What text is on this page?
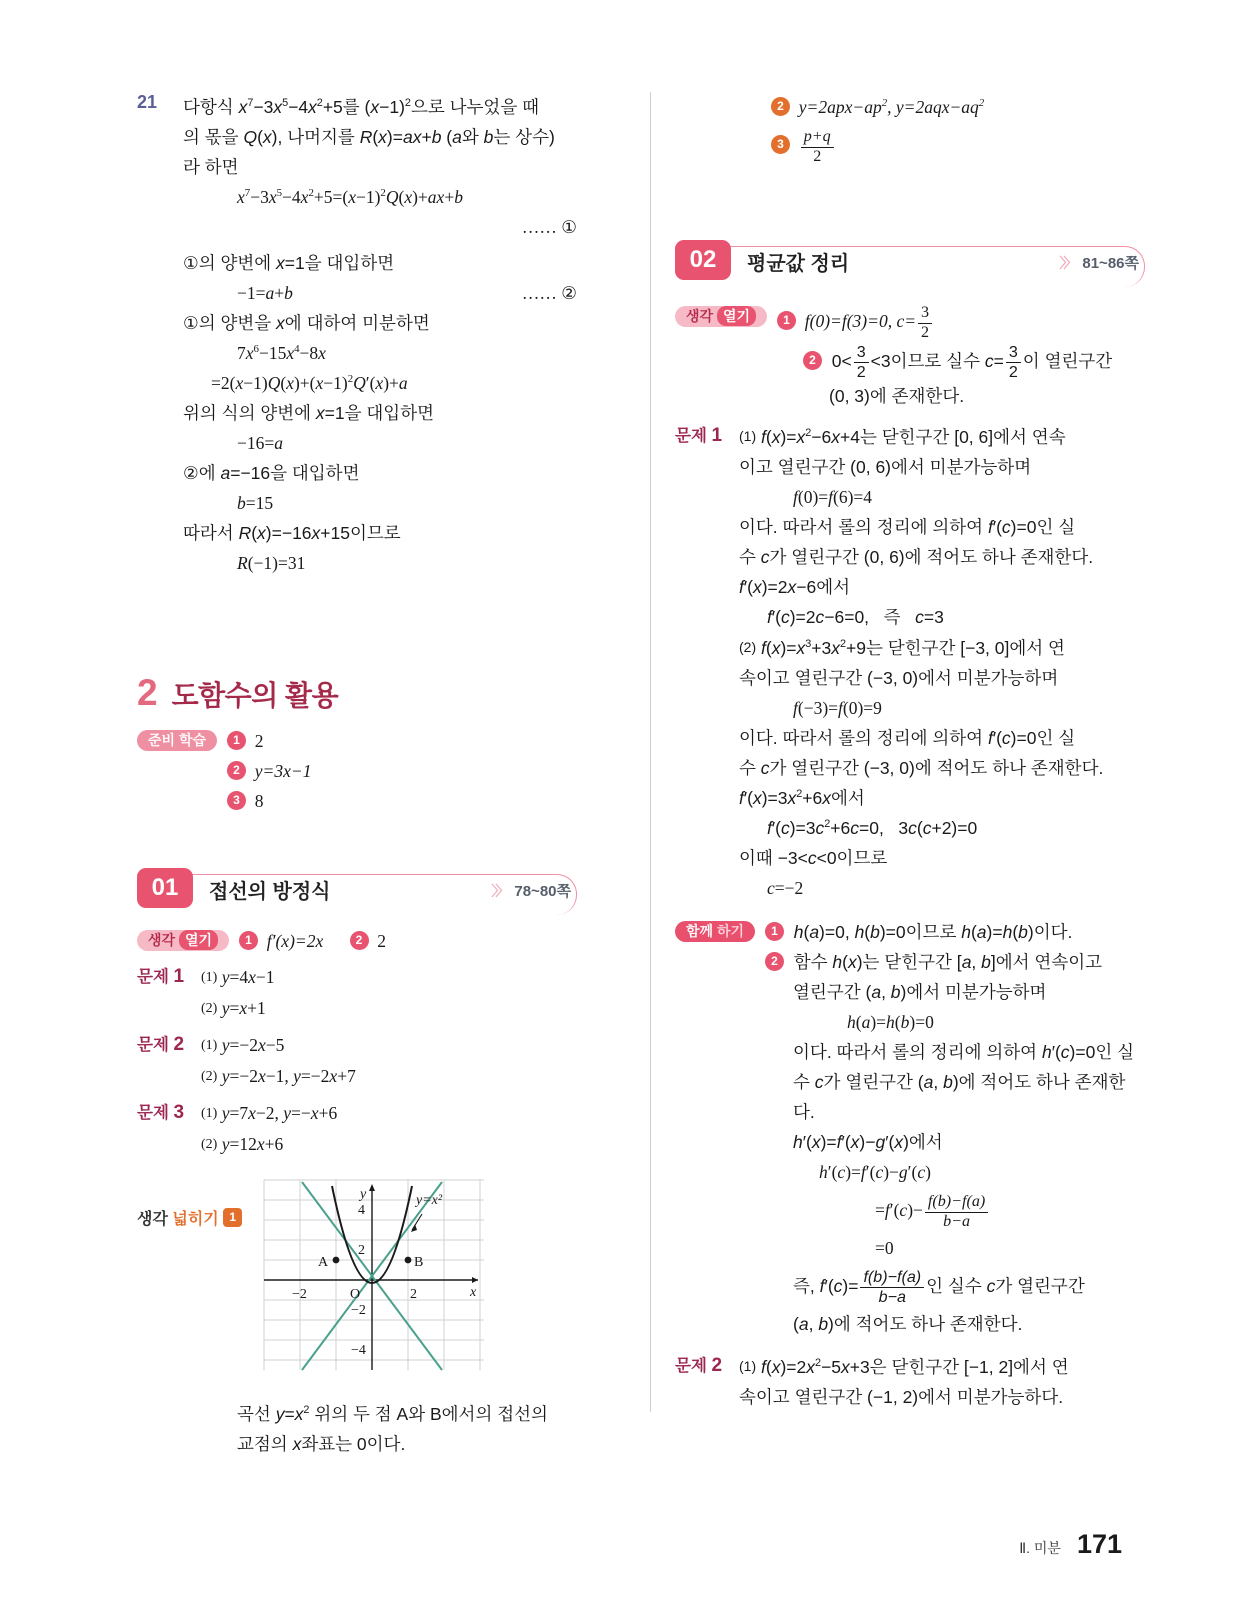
21 다항식 $x^7-3x^5-4x^2+5$를 $(x-1)^2$으로 나누었을 때
의 몫을 Q(x), 나머지를 R(x)=ax+b (a와 b는 상수)
라 하면
$x^7-3x^5-4x^2+5=(x-1)^2Q(x)+ax+b$
…… ①
①의 양변에 x=1을 대입하면
−1=a+b	…… ②
①의 양변을 x에 대하여 미분하면
$7x^6-15x^4-8x$
$=2(x-1)Q(x)+(x-1)^2Q'(x)+a$
위의 식의 양변에 x=1을 대입하면
−16=a
②에 a=−16을 대입하면
b=15
따라서 R(x)=−16x+15이므로
R(−1)=31
2 도함수의 활용
준비 학습	1 2
2 y=3x−1
3 8
01	접선의 방정식	〉〉 78~80쪽
생각 열기	1 f′(x)=2x	2 2
문제 1	(1) y=4x−1
(2) y=x+1
문제 2	(1) y=−2x−5
(2) y=−2x−1, y=−2x+7
문제 3	(1) y=7x−2, y=−x+6
(2) y=12x+6
생각 넓히기 1
y
x
4
2
−2
−4
−2	2
O
A	B
y=x²
곡선 $y=x^2$ 위의 두 점 A와 B에서의 접선의
교점의 x좌표는 0이다.
2 $y=2apx-ap^2$, $y=2aqx-aq^2$
$3 \frac{p+q}{2}$
02	평균값 정리	〉〉 81~86쪽
생각 열기	1 f(0)=f(3)=0, $c= \frac{3}{2}$
2  $0< \frac{3}{2} <3$이므로 실수 $c= \frac{3}{2}$ 이 열린구간
(0, 3)에 존재한다.
문제 1	(1) $f(x)=x^2-6x+4$는 닫힌구간 [0, 6]에서 연속
이고 열린구간 (0, 6)에서 미분가능하며
f(0)=f(6)=4
이다. 따라서 롤의 정리에 의하여 f′(c)=0인 실
수 c가 열린구간 (0, 6)에 적어도 하나 존재한다.
f′(x)=2x−6에서
f′(c)=2c−6=0,   즉   c=3
(2) $f(x)=x^3+3x^2+9$는 닫힌구간 [−3, 0]에서 연
속이고 열린구간 (−3, 0)에서 미분가능하며
f(−3)=f(0)=9
이다. 따라서 롤의 정리에 의하여 f′(c)=0인 실
수 c가 열린구간 (−3, 0)에 적어도 하나 존재한다.
$f'(x)=3x^2+6x$에서
$f'(c)=3c^2+6c=0$,   3c(c+2)=0
이때 −3<c<0이므로
c=−2
함께 하기	1 h(a)=0, h(b)=0이므로 h(a)=h(b)이다.
2  함수 h(x)는 닫힌구간 [a, b]에서 연속이고
열린구간 (a, b)에서 미분가능하며
h(a)=h(b)=0
이다. 따라서 롤의 정리에 의하여 h′(c)=0인 실
수 c가 열린구간 (a, b)에 적어도 하나 존재한다.
h′(x)=f′(x)−g′(x)에서
h′(c)=f′(c)−g′(c)
$=f'(c)- \frac{f(b)-f(a)}{b-a}$
=0
즉, $f'(c)= \frac{f(b)-f(a)}{b-a}$ 인 실수 c가 열린구간
(a, b)에 적어도 하나 존재한다.
문제 2	(1) $f(x)=2x^2-5x+3$은 닫힌구간 [−1, 2]에서 연
속이고 열린구간 (−1, 2)에서 미분가능하다.
Ⅱ. 미분 171
